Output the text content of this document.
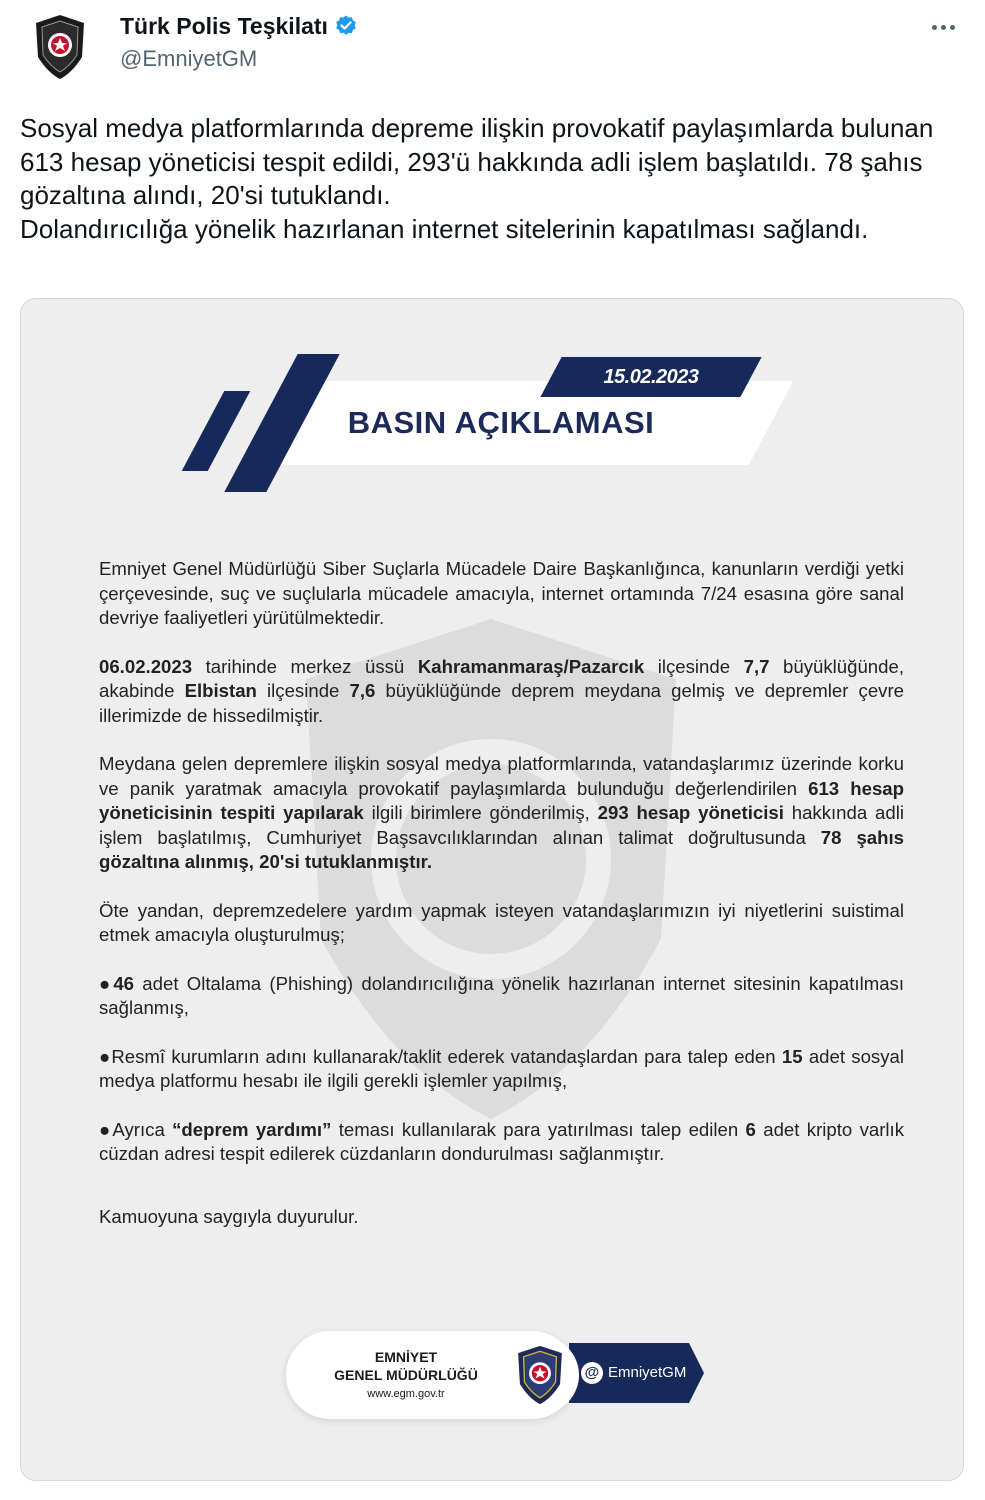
Türk Polis Teşkilatı
@EmniyetGM
Sosyal medya platformlarında depreme ilişkin provokatif paylaşımlarda bulunan 613 hesap yöneticisi tespit edildi, 293'ü hakkında adli işlem başlatıldı. 78 şahıs gözaltına alındı, 20'si tutuklandı.
Dolandırıcılığa yönelik hazırlanan internet sitelerinin kapatılması sağlandı.
15.02.2023
BASIN AÇIKLAMASI

Emniyet Genel Müdürlüğü Siber Suçlarla Mücadele Daire Başkanlığınca, kanunların verdiği yetki çerçevesinde, suç ve suçlularla mücadele amacıyla, internet ortamında 7/24 esasına göre sanal devriye faaliyetleri yürütülmektedir.

06.02.2023 tarihinde merkez üssü Kahramanmaraş/Pazarcık ilçesinde 7,7 büyüklüğünde, akabinde Elbistan ilçesinde 7,6 büyüklüğünde deprem meydana gelmiş ve depremler çevre illerimizde de hissedilmiştir.

Meydana gelen depremlere ilişkin sosyal medya platformlarında, vatandaşlarımız üzerinde korku ve panik yaratmak amacıyla provokatif paylaşımlarda bulunduğu değerlendirilen 613 hesap yöneticisinin tespiti yapılarak ilgili birimlere gönderilmiş, 293 hesap yöneticisi hakkında adli işlem başlatılmış, Cumhuriyet Başsavcılıklarından alınan talimat doğrultusunda 78 şahıs gözaltına alınmış, 20'si tutuklanmıştır.

Öte yandan, depremzedelere yardım yapmak isteyen vatandaşlarımızın iyi niyetlerini suistimal etmek amacıyla oluşturulmuş;

●46 adet Oltalama (Phishing) dolandırıcılığına yönelik hazırlanan internet sitesinin kapatılması sağlanmış,

●Resmî kurumların adını kullanarak/taklit ederek vatandaşlardan para talep eden 15 adet sosyal medya platformu hesabı ile ilgili gerekli işlemler yapılmış,

●Ayrıca “deprem yardımı” teması kullanılarak para yatırılması talep edilen 6 adet kripto varlık cüzdan adresi tespit edilerek cüzdanların dondurulması sağlanmıştır.

Kamuoyuna saygıyla duyurulur.

EMNİYET
GENEL MÜDÜRLÜĞÜ
www.egm.gov.tr
@ EmniyetGM
